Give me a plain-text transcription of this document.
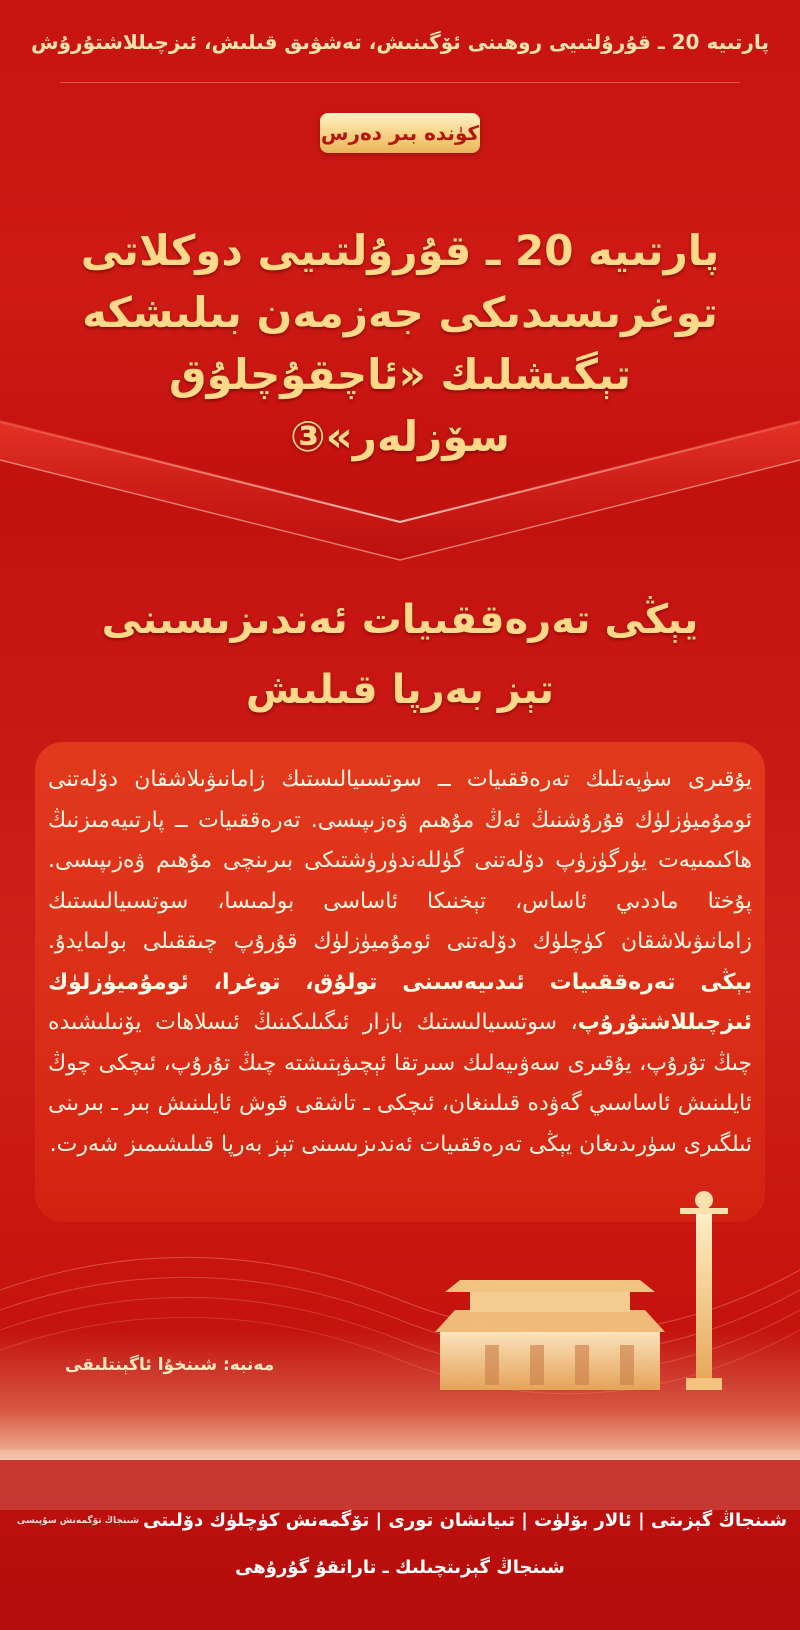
پارتىيە 20 ـ قۇرۇلتىيى روھىنى ئۆگىنىش، تەشۋىق قىلىش، ئىزچىللاشتۇرۇش
كۈندە بىر دەرس
پارتىيە 20 ـ قۇرۇلتىيى دوكلاتى
توغرىسىدىكى جەزمەن بىلىشكە
تېگىشلىك «ئاچقۇچلۇق سۆزلەر»③
يېڭى تەرەققىيات ئەندىزىسىنى
تېز بەرپا قىلىش
يۇقىرى سۈپەتلىك تەرەققىيات ــ سوتسىيالىستىك زامانىۋىلاشقان دۆلەتنى ئومۇميۈزلۈك قۇرۇشنىڭ ئەڭ مۇھىم ۋەزىپىسى. تەرەققىيات ــ پارتىيەمىزنىڭ ھاكىمىيەت يۈرگۈزۈپ دۆلەتنى گۈللەندۈرۈشتىكى بىرىنچى مۇھىم ۋەزىپىسى. پۇختا ماددىي ئاساس، تېخنىكا ئاساسى بولمىسا، سوتسىيالىستىك زامانىۋىلاشقان كۈچلۈك دۆلەتنى ئومۇميۈزلۈك قۇرۇپ چىققىلى بولمايدۇ. يېڭى تەرەققىيات ئىدىيەسىنى تولۇق، توغرا، ئومۇميۈزلۈك ئىزچىللاشتۇرۇپ، سوتسىيالىستىك بازار ئىگىلىكىنىڭ ئىسلاھات يۆنىلىشىدە چىڭ تۇرۇپ، يۇقىرى سەۋىيەلىك سىرتقا ئېچىۋېتىشتە چىڭ تۇرۇپ، ئىچكى چوڭ ئايلىنىش ئاساسىي گەۋدە قىلىنغان، ئىچكى ـ تاشقى قوش ئايلىنىش بىر ـ بىرىنى ئىلگىرى سۈرىدىغان يېڭى تەرەققىيات ئەندىزىسىنى تېز بەرپا قىلىشىمىز شەرت.
مەنبە: شىنخۇا ئاگېنتلىقى
شىنجاڭ گېزىتى | ئالار بۆلۈت | تىيانشان تورى | تۆگمەنش كۈچلۈك دۆلىتىشىنجاڭ تۆگمەنش سۇپىسى
شىنجاڭ گېزىتچىلىك ـ تاراتقۇ گۇرۇھى
